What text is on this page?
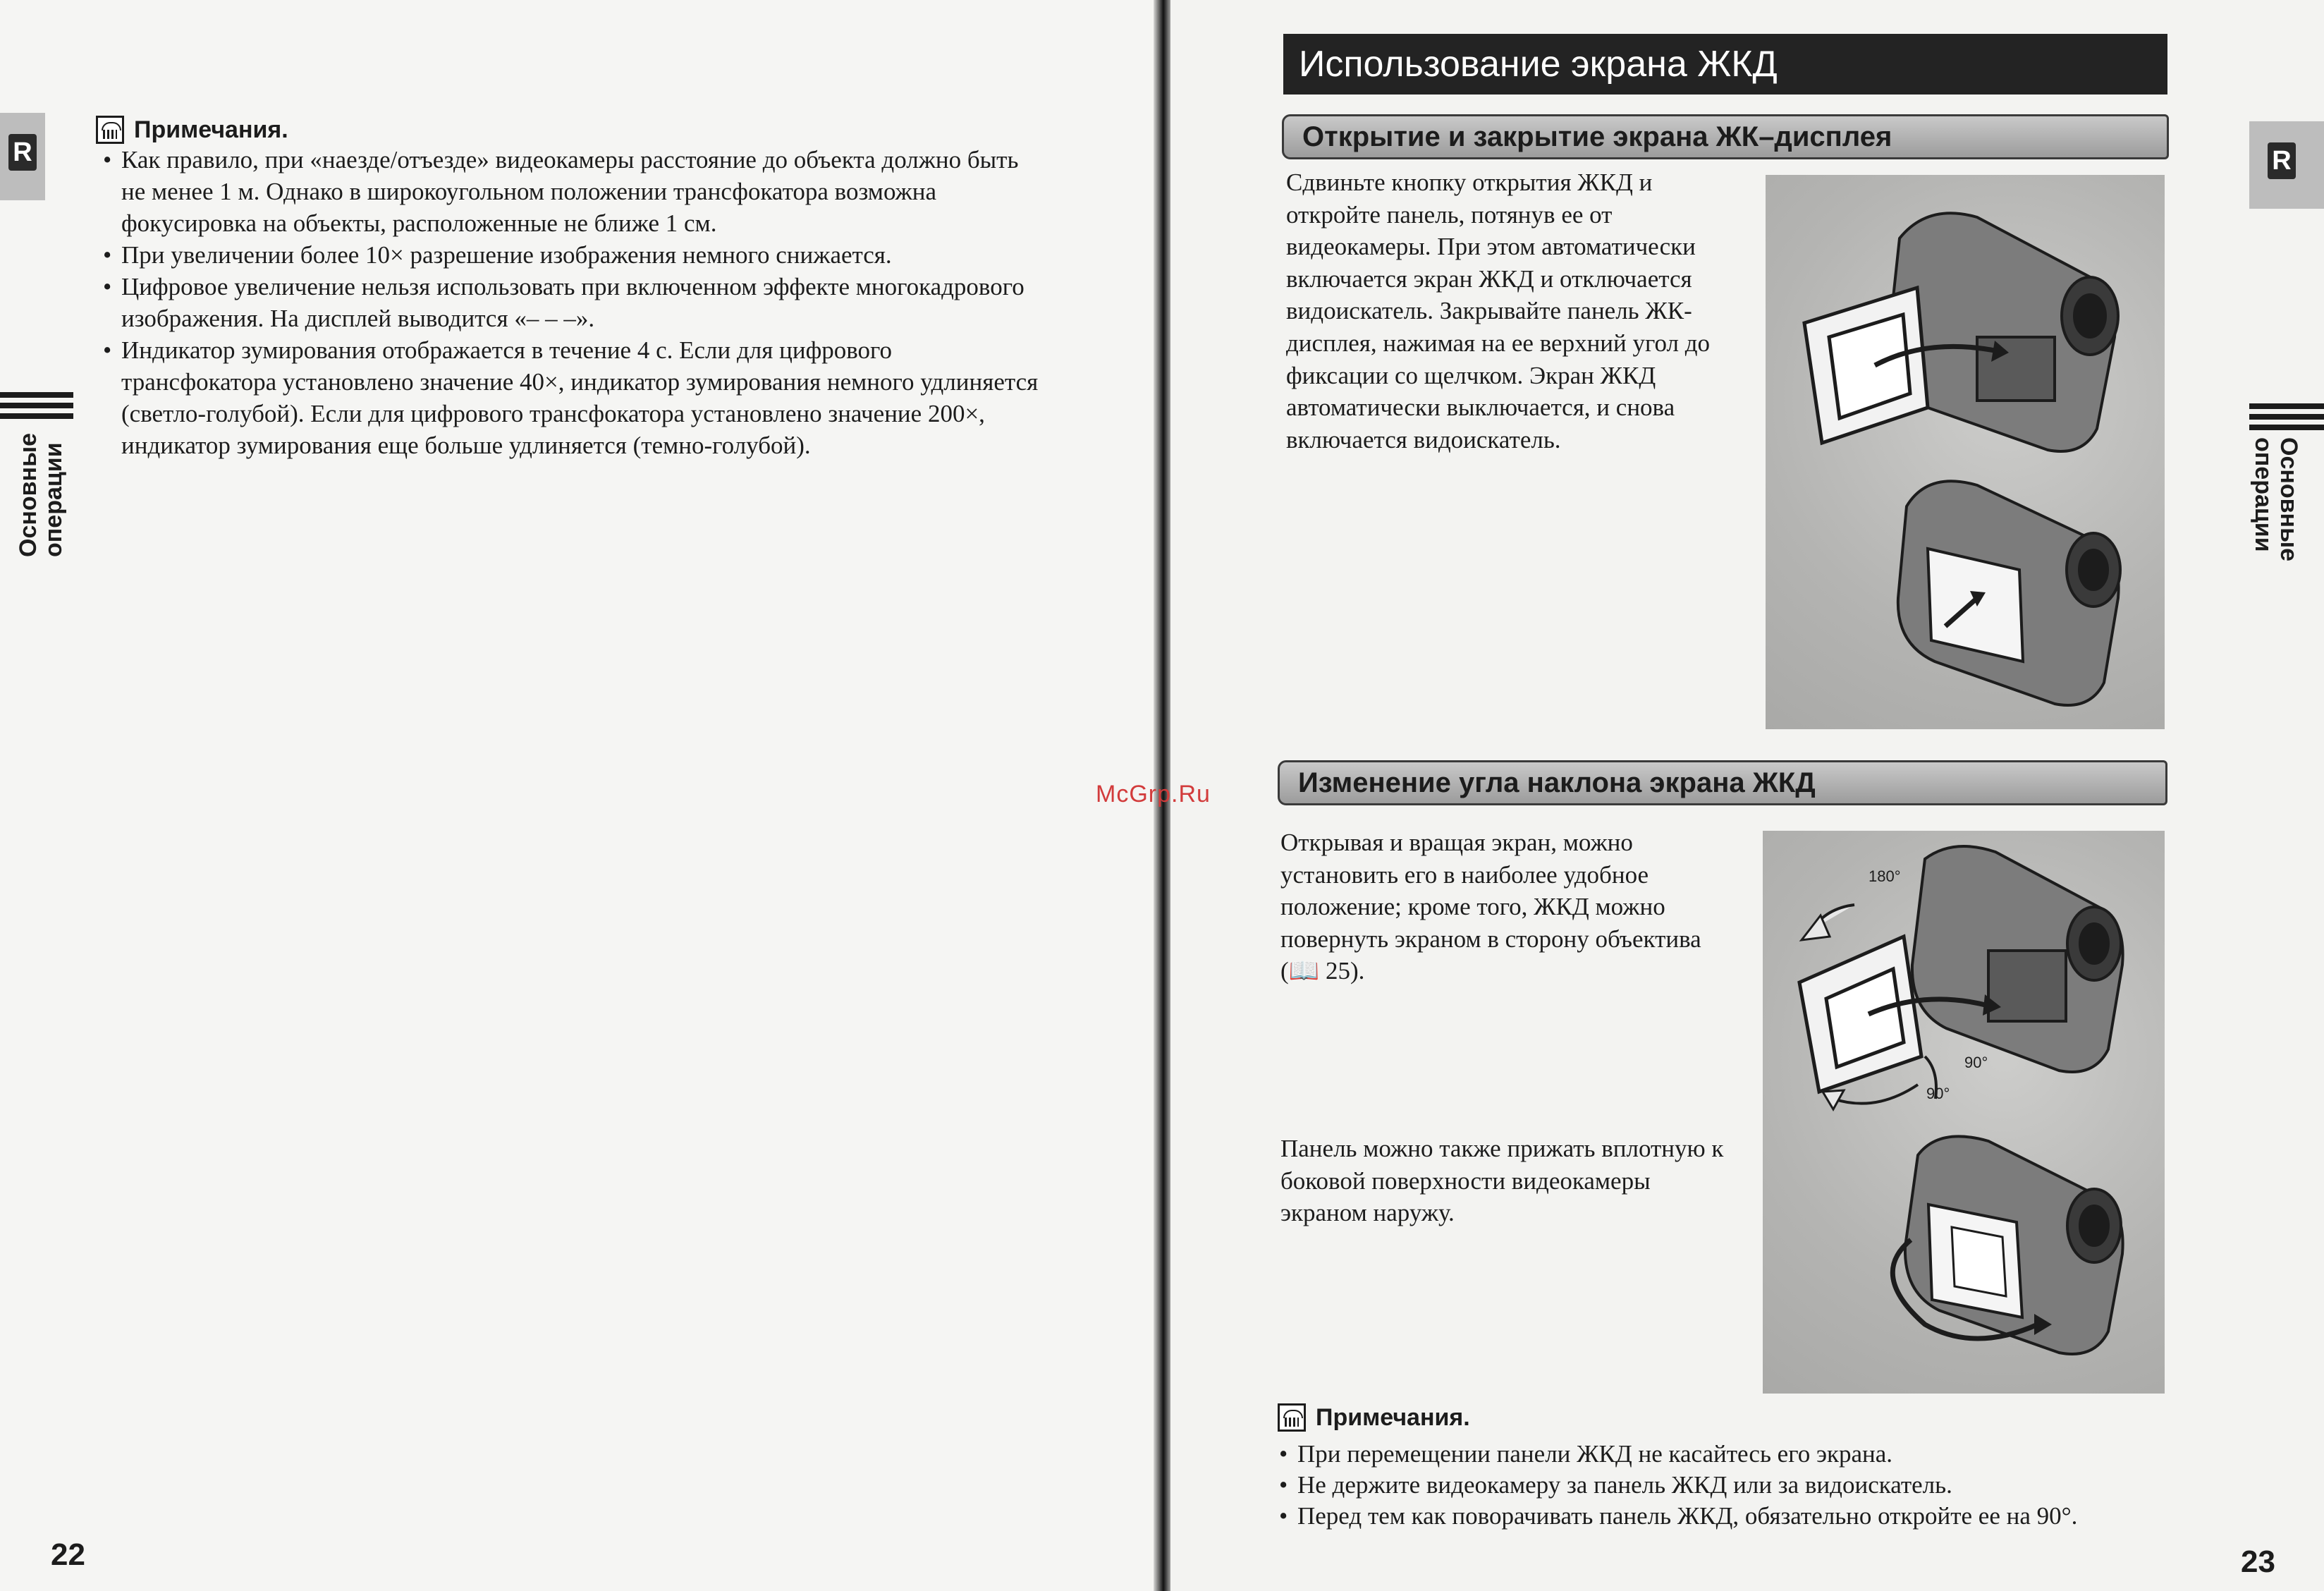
R
Основные операции
Примечания.
• Как правило, при «наезде/отъезде» видеокамеры расстояние до объекта должно быть не менее 1 м. Однако в широкоугольном положении трансфокатора возможна фокусировка на объекты, расположенные не ближе 1 см.
• При увеличении более 10× разрешение изображения немного снижается.
• Цифровое увеличение нельзя использовать при включенном эффекте многокадрового изображения. На дисплей выводится «– – –».
• Индикатор зумирования отображается в течение 4 с. Если для цифрового трансфокатора установлено значение 40×, индикатор зумирования немного удлиняется (светло-голубой). Если для цифрового трансфокатора установлено значение 200×, индикатор зумирования еще больше удлиняется (темно-голубой).
22
Использование экрана ЖКД
R
Основные операции
Открытие и закрытие экрана ЖК–дисплея
Сдвиньте кнопку открытия ЖКД и откройте панель, потянув ее от видеокамеры. При этом автоматически включается экран ЖКД и отключается видоискатель. Закрывайте панель ЖК-дисплея, нажимая на ее верхний угол до фиксации со щелчком. Экран ЖКД автоматически выключается, и снова включается видоискатель.
Изменение угла наклона экрана ЖКД
Открывая и вращая экран, можно установить его в наиболее удобное положение; кроме того, ЖКД можно повернуть экраном в сторону объектива (📖 25).
Панель можно также прижать вплотную к боковой поверхности видеокамеры экраном наружу.
180°
90°
90°
Примечания.
• При перемещении панели ЖКД не касайтесь его экрана.
• Не держите видеокамеру за панель ЖКД или за видоискатель.
• Перед тем как поворачивать панель ЖКД, обязательно откройте ее на 90°.
23
McGrp.Ru
